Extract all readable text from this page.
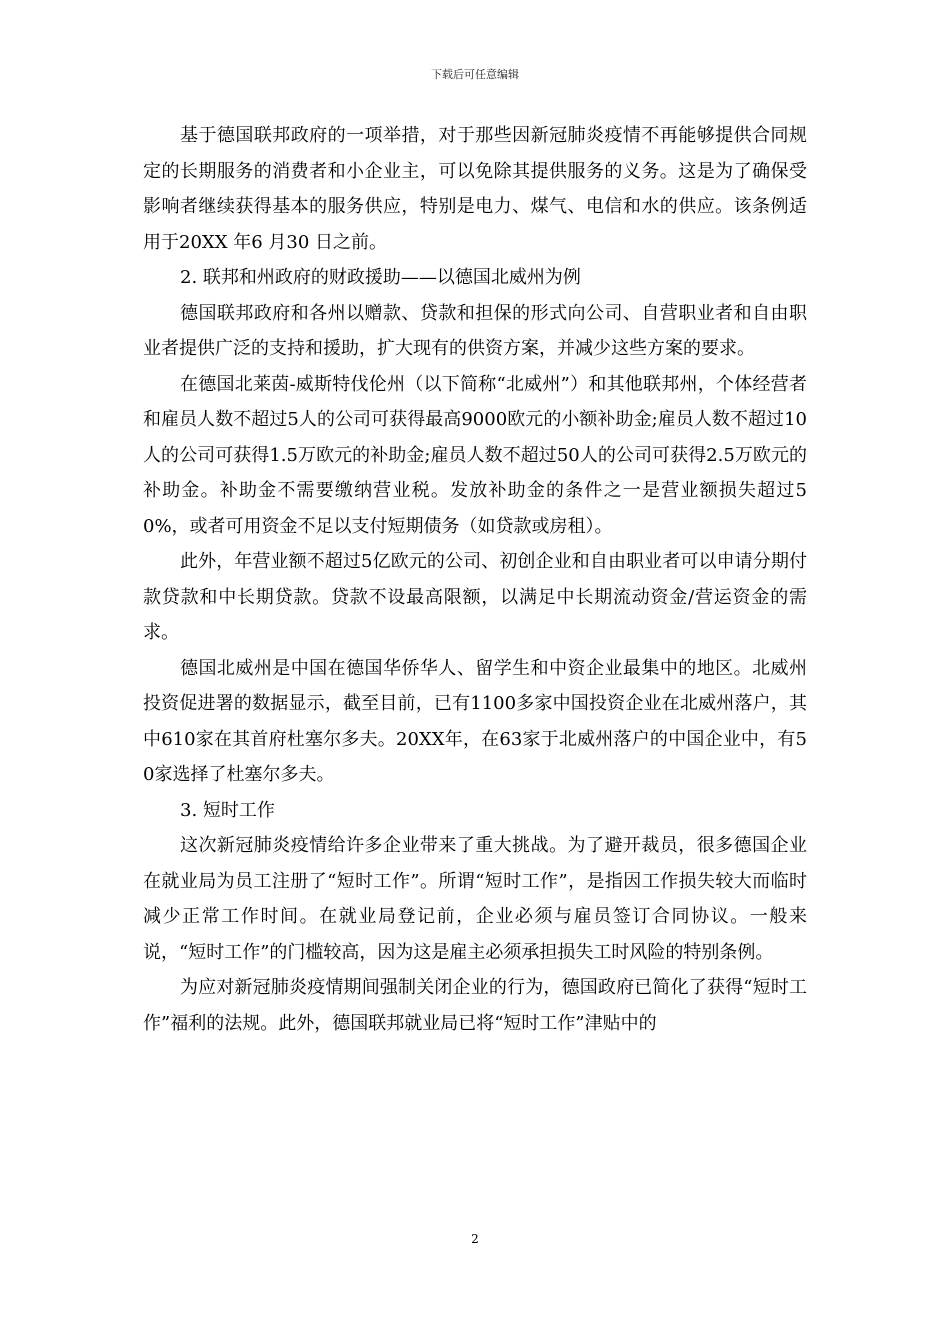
下载后可任意编辑

基于德国联邦政府的一项举措，对于那些因新冠肺炎疫情不再能够提供合同规定的长期服务的消费者和小企业主，可以免除其提供服务的义务。这是为了确保受影响者继续获得基本的服务供应，特别是电力、煤气、电信和水的供应。该条例适用于20XX 年6 月30 日之前。

2. 联邦和州政府的财政援助——以德国北威州为例

德国联邦政府和各州以赠款、贷款和担保的形式向公司、自营职业者和自由职业者提供广泛的支持和援助，扩大现有的供资方案，并减少这些方案的要求。

在德国北莱茵-威斯特伐伦州（以下简称“北威州”）和其他联邦州，个体经营者和雇员人数不超过5人的公司可获得最高9000欧元的小额补助金;雇员人数不超过10人的公司可获得1.5万欧元的补助金;雇员人数不超过50人的公司可获得2.5万欧元的补助金。补助金不需要缴纳营业税。发放补助金的条件之一是营业额损失超过50%，或者可用资金不足以支付短期债务（如贷款或房租）。

此外，年营业额不超过5亿欧元的公司、初创企业和自由职业者可以申请分期付款贷款和中长期贷款。贷款不设最高限额，以满足中长期流动资金/营运资金的需求。

德国北威州是中国在德国华侨华人、留学生和中资企业最集中的地区。北威州投资促进署的数据显示，截至目前，已有1100多家中国投资企业在北威州落户，其中610家在其首府杜塞尔多夫。20XX年，在63家于北威州落户的中国企业中，有50家选择了杜塞尔多夫。

3. 短时工作

这次新冠肺炎疫情给许多企业带来了重大挑战。为了避开裁员，很多德国企业在就业局为员工注册了“短时工作”。所谓“短时工作”，是指因工作损失较大而临时减少正常工作时间。在就业局登记前，企业必须与雇员签订合同协议。一般来说，“短时工作”的门槛较高，因为这是雇主必须承担损失工时风险的特别条例。

为应对新冠肺炎疫情期间强制关闭企业的行为，德国政府已简化了获得“短时工作”福利的法规。此外，德国联邦就业局已将“短时工作”津贴中的

2
